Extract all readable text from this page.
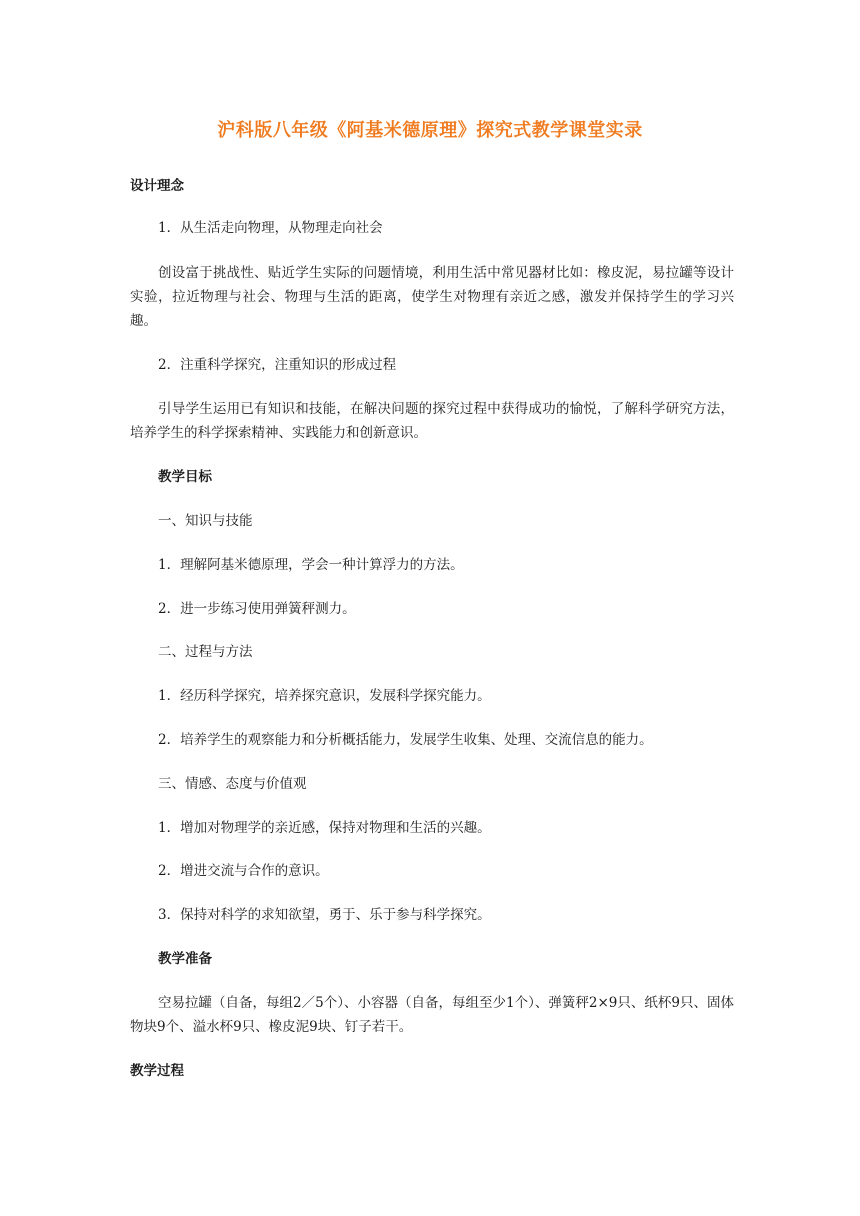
沪科版八年级《阿基米德原理》探究式教学课堂实录
设计理念
1．从生活走向物理，从物理走向社会
创设富于挑战性、贴近学生实际的问题情境，利用生活中常见器材比如：橡皮泥，易拉罐等设计实验，拉近物理与社会、物理与生活的距离，使学生对物理有亲近之感，激发并保持学生的学习兴趣。
2．注重科学探究，注重知识的形成过程
引导学生运用已有知识和技能，在解决问题的探究过程中获得成功的愉悦，了解科学研究方法，培养学生的科学探索精神、实践能力和创新意识。
教学目标
一、知识与技能
1．理解阿基米德原理，学会一种计算浮力的方法。
2．进一步练习使用弹簧秤测力。
二、过程与方法
1．经历科学探究，培养探究意识，发展科学探究能力。
2．培养学生的观察能力和分析概括能力，发展学生收集、处理、交流信息的能力。
三、情感、态度与价值观
1．增加对物理学的亲近感，保持对物理和生活的兴趣。
2．增进交流与合作的意识。
3．保持对科学的求知欲望，勇于、乐于参与科学探究。
教学准备
空易拉罐（自备，每组2／5个）、小容器（自备，每组至少1个）、弹簧秤2×9只、纸杯9只、固体物块9个、溢水杯9只、橡皮泥9块、钉子若干。
教学过程
